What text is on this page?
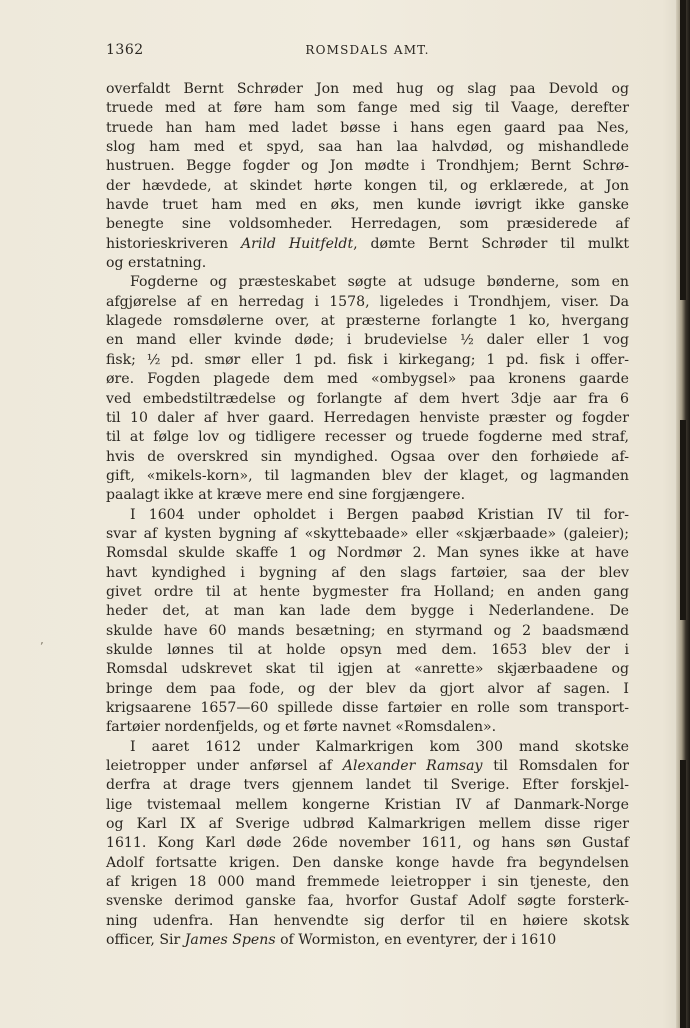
1362	ROMSDALS AMT.

overfaldt Bernt Schrøder Jon med hug og slag paa Devold og

truede med at føre ham som fange med sig til Vaage, derefter

truede han ham med ladet bøsse i hans egen gaard paa Nes,

slog ham med et spyd, saa han laa halvdød, og mishandlede

hustruen. Begge fogder og Jon mødte i Trondhjem; Bernt Schrø-

der hævdede, at skindet hørte kongen til, og erklærede, at Jon

havde truet ham med en øks, men kunde iøvrigt ikke ganske

benegte sine voldsomheder. Herredagen, som præsiderede af

historieskriveren Arild Huitfeldt, dømte Bernt Schrøder til mulkt

og erstatning.

Fogderne og præsteskabet søgte at udsuge bønderne, som en

afgjørelse af en herredag i 1578, ligeledes i Trondhjem, viser. Da

klagede romsdølerne over, at præsterne forlangte 1 ko, hvergang

en mand eller kvinde døde; i brudevielse ½ daler eller 1 vog

fisk; ½ pd. smør eller 1 pd. fisk i kirkegang; 1 pd. fisk i offer-

øre. Fogden plagede dem med «ombygsel» paa kronens gaarde

ved embedstiltrædelse og forlangte af dem hvert 3dje aar fra 6

til 10 daler af hver gaard. Herredagen henviste præster og fogder

til at følge lov og tidligere recesser og truede fogderne med straf,

hvis de overskred sin myndighed. Ogsaa over den forhøiede af-

gift, «mikels-korn», til lagmanden blev der klaget, og lagmanden

paalagt ikke at kræve mere end sine forgjængere.

I 1604 under opholdet i Bergen paabød Kristian IV til for-

svar af kysten bygning af «skyttebaade» eller «skjærbaade» (galeier);

Romsdal skulde skaffe 1 og Nordmør 2. Man synes ikke at have

havt kyndighed i bygning af den slags fartøier, saa der blev

givet ordre til at hente bygmester fra Holland; en anden gang

heder det, at man kan lade dem bygge i Nederlandene. De

skulde have 60 mands besætning; en styrmand og 2 baadsmænd

skulde lønnes til at holde opsyn med dem. 1653 blev der i

Romsdal udskrevet skat til igjen at «anrette» skjærbaadene og

bringe dem paa fode, og der blev da gjort alvor af sagen. I

krigsaarene 1657—60 spillede disse fartøier en rolle som transport-

fartøier nordenfjelds, og et førte navnet «Romsdalen».

I aaret 1612 under Kalmarkrigen kom 300 mand skotske

leietropper under anførsel af Alexander Ramsay til Romsdalen for

derfra at drage tvers gjennem landet til Sverige. Efter forskjel-

lige tvistemaal mellem kongerne Kristian IV af Danmark-Norge

og Karl IX af Sverige udbrød Kalmarkrigen mellem disse riger

1611. Kong Karl døde 26de november 1611, og hans søn Gustaf

Adolf fortsatte krigen. Den danske konge havde fra begyndelsen

af krigen 18 000 mand fremmede leietropper i sin tjeneste, den

svenske derimod ganske faa, hvorfor Gustaf Adolf søgte forsterk-

ning udenfra. Han henvendte sig derfor til en høiere skotsk

officer, Sir James Spens of Wormiston, en eventyrer, der i 1610

’
